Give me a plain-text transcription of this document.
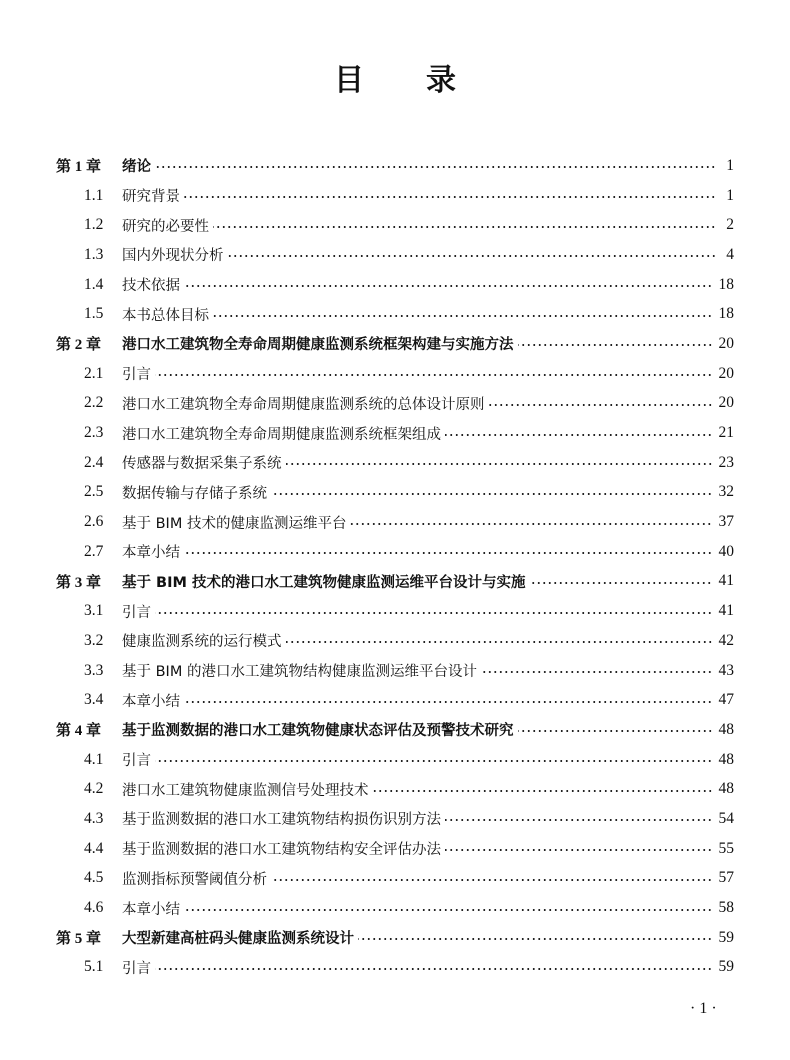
目 录
第 1 章	绪论	1
1.1	研究背景	1
1.2	研究的必要性	2
1.3	国内外现状分析	4
1.4	技术依据	18
1.5	本书总体目标	18
第 2 章	港口水工建筑物全寿命周期健康监测系统框架构建与实施方法	20
2.1	引言	20
2.2	港口水工建筑物全寿命周期健康监测系统的总体设计原则	20
2.3	港口水工建筑物全寿命周期健康监测系统框架组成	21
2.4	传感器与数据采集子系统	23
2.5	数据传输与存储子系统	32
2.6	基于 BIM 技术的健康监测运维平台	37
2.7	本章小结	40
第 3 章	基于 BIM 技术的港口水工建筑物健康监测运维平台设计与实施	41
3.1	引言	41
3.2	健康监测系统的运行模式	42
3.3	基于 BIM 的港口水工建筑物结构健康监测运维平台设计	43
3.4	本章小结	47
第 4 章	基于监测数据的港口水工建筑物健康状态评估及预警技术研究	48
4.1	引言	48
4.2	港口水工建筑物健康监测信号处理技术	48
4.3	基于监测数据的港口水工建筑物结构损伤识别方法	54
4.4	基于监测数据的港口水工建筑物结构安全评估办法	55
4.5	监测指标预警阈值分析	57
4.6	本章小结	58
第 5 章	大型新建高桩码头健康监测系统设计	59
5.1	引言	59
· 1 ·
